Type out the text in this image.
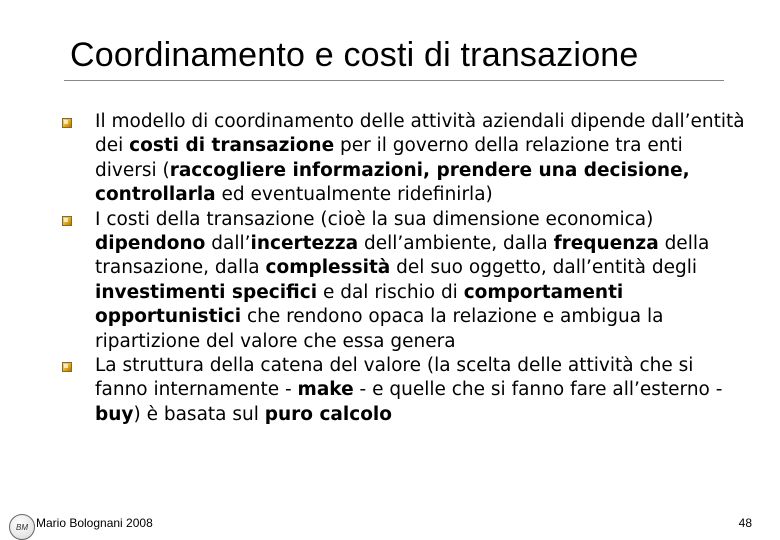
Coordinamento e costi di transazione
Il modello di coordinamento delle attività aziendali dipende dall’entità dei costi di transazione per il governo della relazione tra enti diversi (raccogliere informazioni, prendere una decisione, controllarla ed eventualmente ridefinirla)
I costi della transazione (cioè la sua dimensione economica) dipendono dall’incertezza dell’ambiente, dalla frequenza della transazione, dalla complessità del suo oggetto, dall’entità degli investimenti specifici e dal rischio di comportamenti opportunistici che rendono opaca la relazione e ambigua la ripartizione del valore che essa genera
La struttura della catena del valore (la scelta delle attività che si fanno internamente - make - e quelle che si fanno fare all’esterno - buy) è basata sul puro calcolo
BM Mario Bolognani 2008	48
